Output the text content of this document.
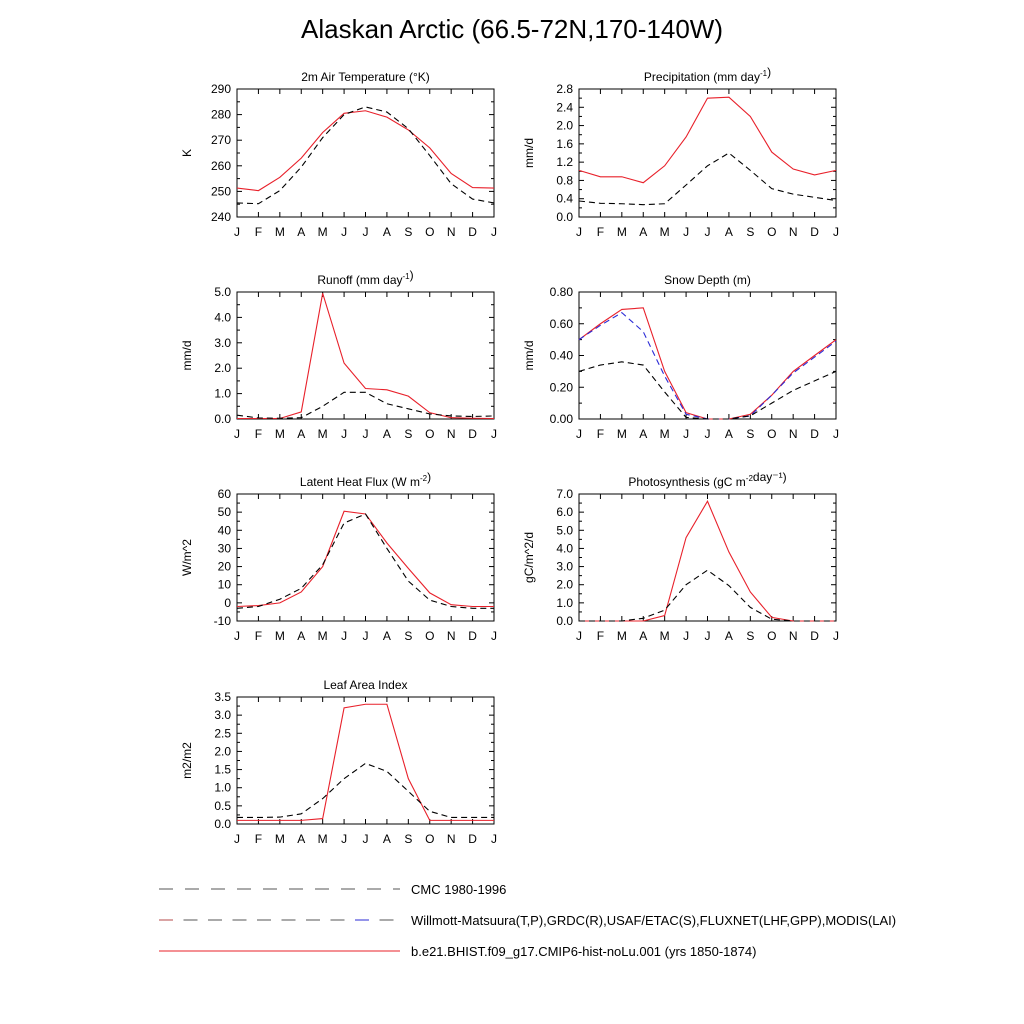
Alaskan Arctic (66.5-72N,170-140W)
2m Air Temperature (°K)
240
250
260
270
280
290
K
J F M A M J J A S O N D J
Precipitation (mm day$^{-1}$)
0.0
0.4
0.8
1.2
1.6
2.0
2.4
2.8
mm/d
J F M A M J J A S O N D J
Runoff (mm day$^{-1}$)
0.0
1.0
2.0
3.0
4.0
5.0
mm/d
J F M A M J J A S O N D J
Snow Depth (m)
0.00
0.20
0.40
0.60
0.80
mm/d
J F M A M J J A S O N D J
Latent Heat Flux (W $m^{-2}$)
-10
0
10
20
30
40
50
60
W/m^2
J F M A M J J A S O N D J
Photosynthesis (gC $m^{-2}day^{-1}$)
0.0
1.0
2.0
3.0
4.0
5.0
6.0
7.0
gC/m^2/d
J F M A M J J A S O N D J
Leaf Area Index
0.0
0.5
1.0
1.5
2.0
2.5
3.0
3.5
m2/m2
J F M A M J J A S O N D J
CMC 1980-1996
Willmott-Matsuura(T,P),GRDC(R),USAF/ETAC(S),FLUXNET(LHF,GPP),MODIS(LAI)
b.e21.BHIST.f09_g17.CMIP6-hist-noLu.001 (yrs 1850-1874)
